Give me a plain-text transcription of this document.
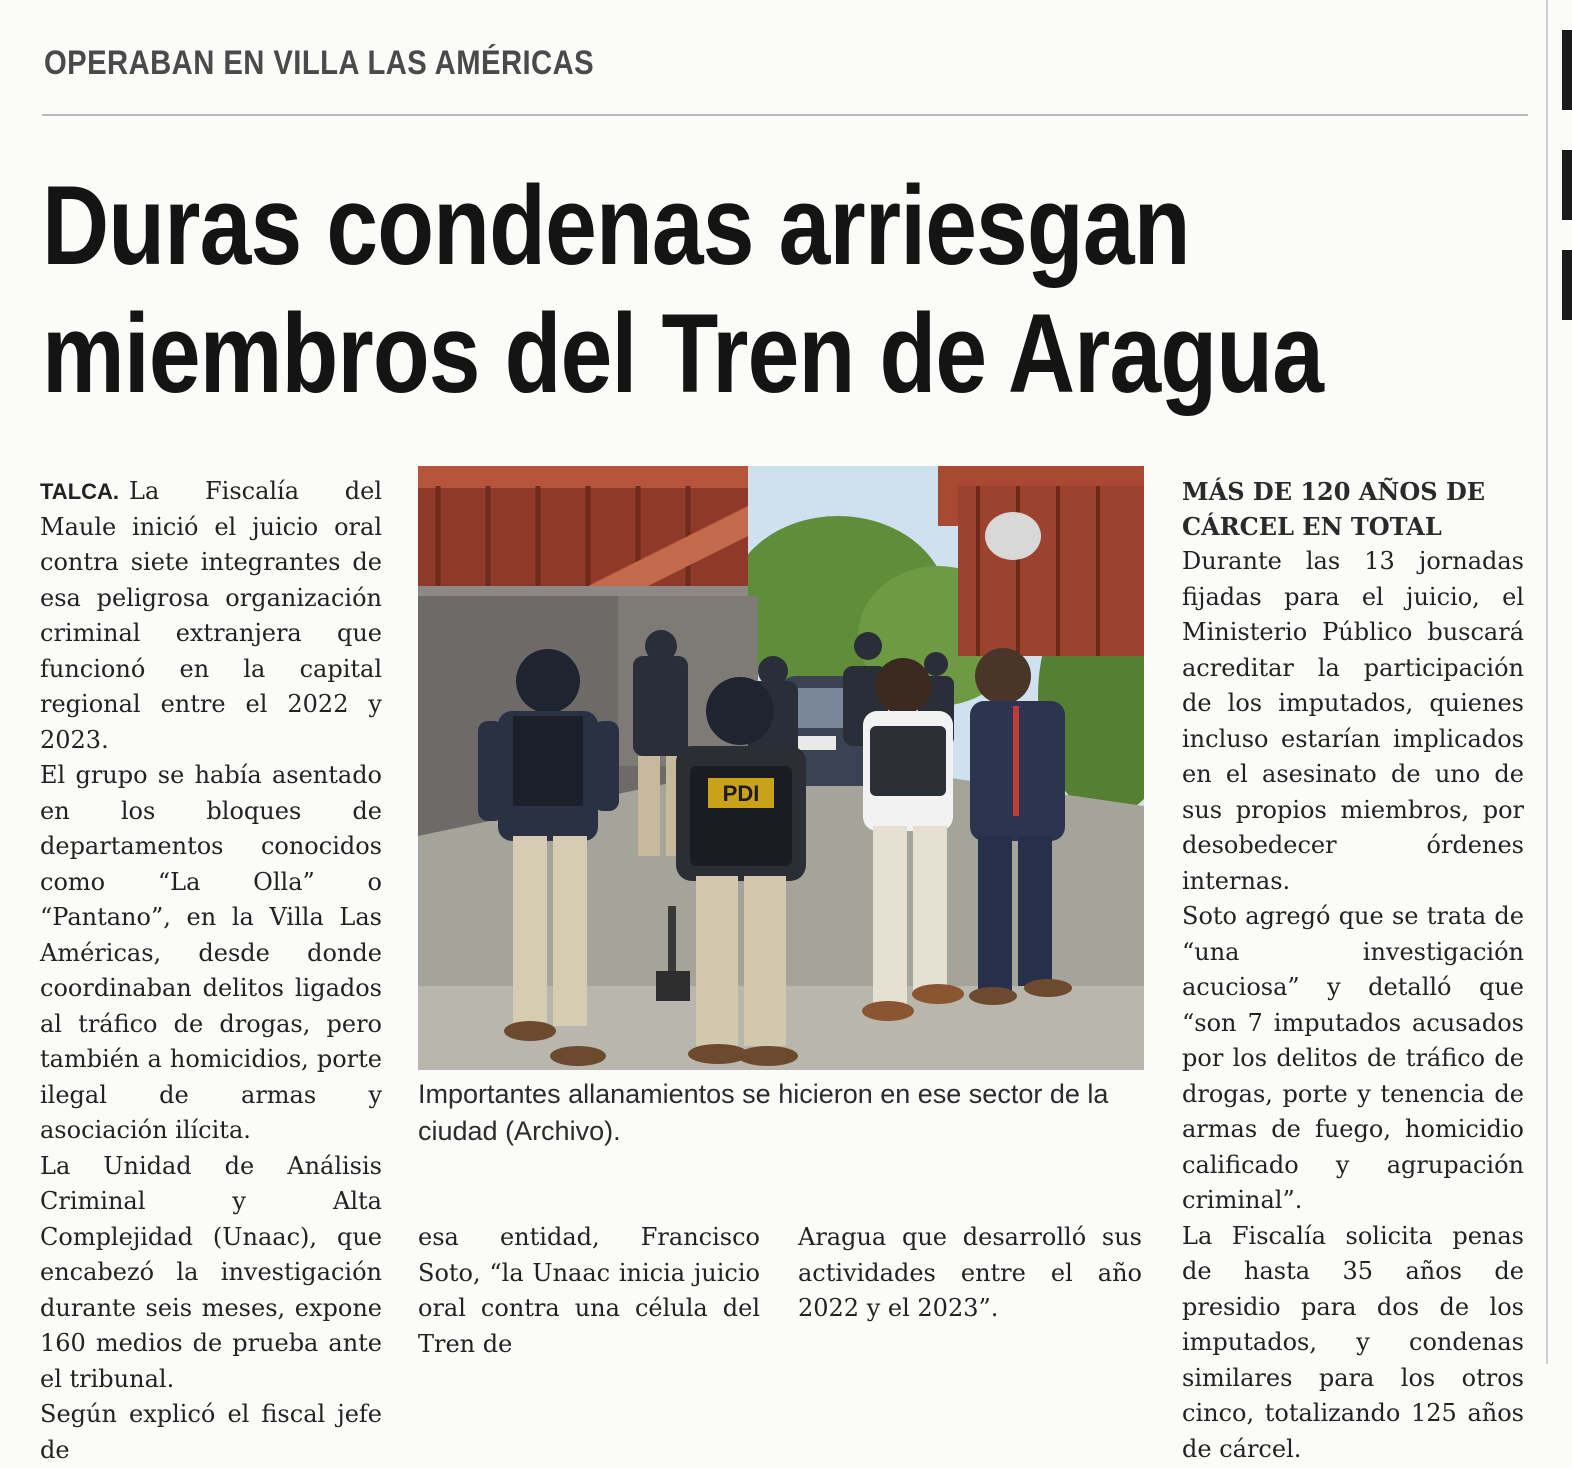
OPERABAN EN VILLA LAS AMÉRICAS
Duras condenas arriesgan
miembros del Tren de Aragua

TALCA. La Fiscalía del Maule inició el juicio oral contra siete integrantes de esa peligrosa organización criminal extranjera que funcionó en la capital regional entre el 2022 y 2023.

El grupo se había asentado en los bloques de departamentos conocidos como “La Olla” o “Pantano”, en la Villa Las Américas, desde donde coordinaban delitos ligados al tráfico de drogas, pero también a homicidios, porte ilegal de armas y asociación ilícita.

La Unidad de Análisis Criminal y Alta Complejidad (Unaac), que encabezó la investigación durante seis meses, expone 160 medios de prueba ante el tribunal.

Según explicó el fiscal jefe de

PDI
Importantes allanamientos se hicieron en ese sector de la ciudad (Archivo).

esa entidad, Francisco Soto, “la Unaac inicia juicio oral contra una célula del Tren de

Aragua que desarrolló sus actividades entre el año 2022 y el 2023”.

MÁS DE 120 AÑOS DE CÁRCEL EN TOTAL

Durante las 13 jornadas fijadas para el juicio, el Ministerio Público buscará acreditar la participación de los imputados, quienes incluso estarían implicados en el asesinato de uno de sus propios miembros, por desobedecer órdenes internas.

Soto agregó que se trata de “una investigación acuciosa” y detalló que “son 7 imputados acusados por los delitos de tráfico de drogas, porte y tenencia de armas de fuego, homicidio calificado y agrupación criminal”.

La Fiscalía solicita penas de hasta 35 años de presidio para dos de los imputados, y condenas similares para los otros cinco, totalizando 125 años de cárcel.
